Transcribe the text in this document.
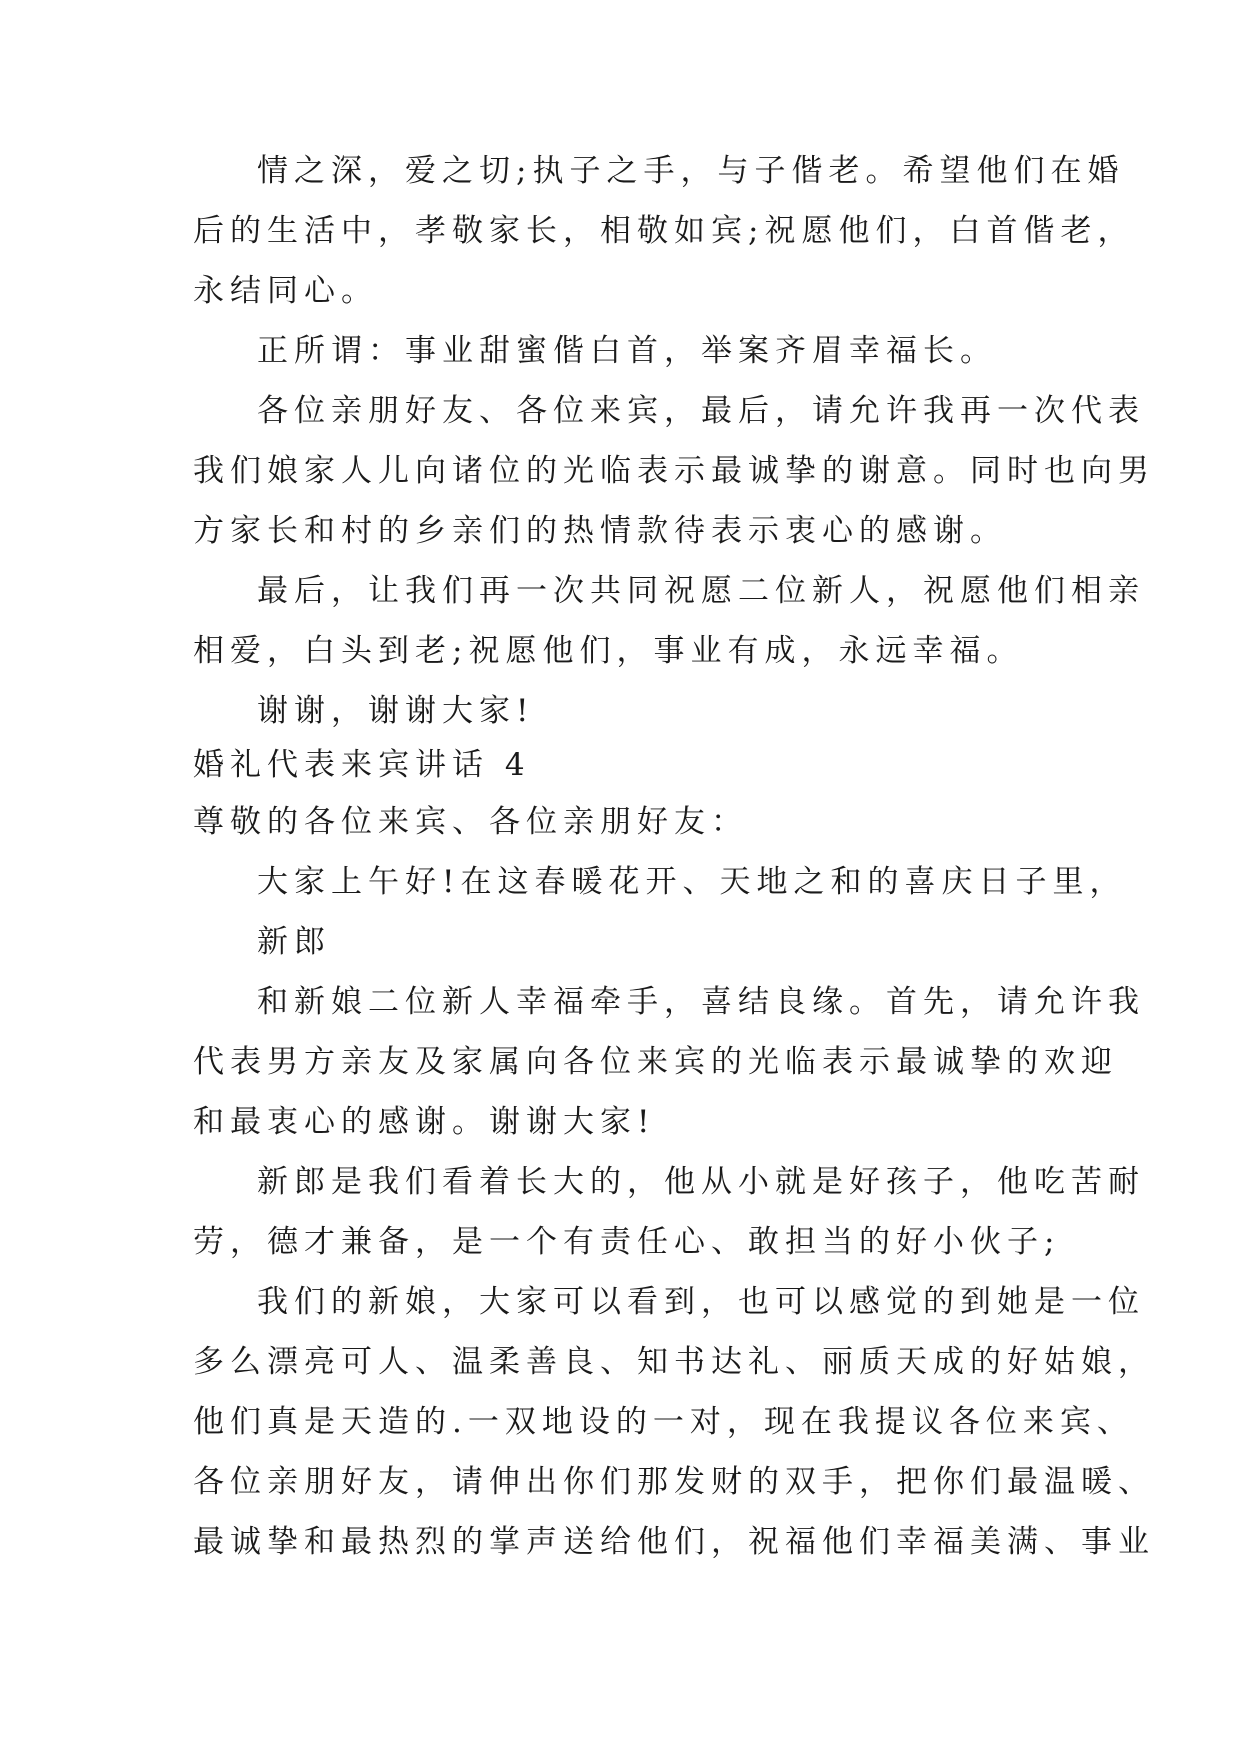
情之深，爱之切;执子之手，与子偕老。希望他们在婚
后的生活中，孝敬家长，相敬如宾;祝愿他们，白首偕老，
永结同心。
正所谓：事业甜蜜偕白首，举案齐眉幸福长。
各位亲朋好友、各位来宾，最后，请允许我再一次代表
我们娘家人儿向诸位的光临表示最诚挚的谢意。同时也向男
方家长和村的乡亲们的热情款待表示衷心的感谢。
最后，让我们再一次共同祝愿二位新人，祝愿他们相亲
相爱，白头到老;祝愿他们，事业有成，永远幸福。
谢谢，谢谢大家!
婚礼代表来宾讲话 4
尊敬的各位来宾、各位亲朋好友：
大家上午好!在这春暖花开、天地之和的喜庆日子里，
新郎
和新娘二位新人幸福牵手，喜结良缘。首先，请允许我
代表男方亲友及家属向各位来宾的光临表示最诚挚的欢迎
和最衷心的感谢。谢谢大家!
新郎是我们看着长大的，他从小就是好孩子，他吃苦耐
劳，德才兼备，是一个有责任心、敢担当的好小伙子;
我们的新娘，大家可以看到，也可以感觉的到她是一位
多么漂亮可人、温柔善良、知书达礼、丽质天成的好姑娘，
他们真是天造的.一双地设的一对，现在我提议各位来宾、
各位亲朋好友，请伸出你们那发财的双手，把你们最温暖、
最诚挚和最热烈的掌声送给他们，祝福他们幸福美满、事业
